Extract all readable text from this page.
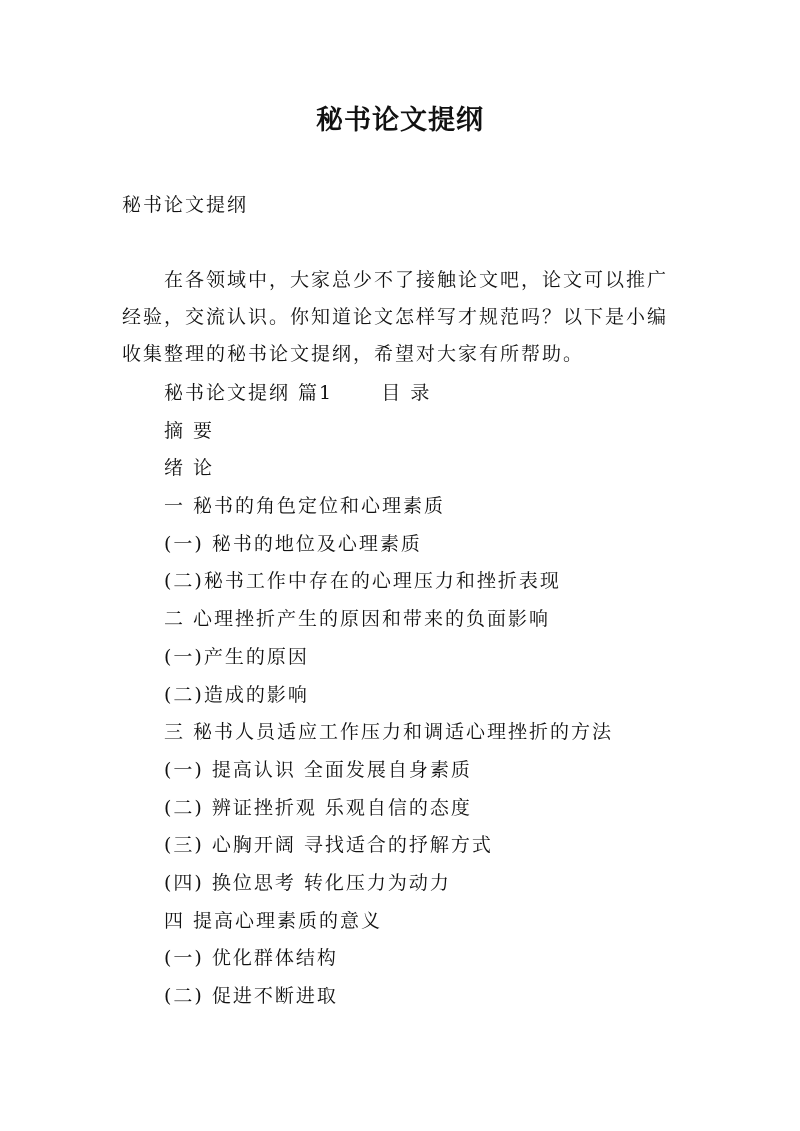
秘书论文提纲
秘书论文提纲
在各领域中，大家总少不了接触论文吧，论文可以推广
经验，交流认识。你知道论文怎样写才规范吗？以下是小编
收集整理的秘书论文提纲，希望对大家有所帮助。
秘书论文提纲 篇1      目 录
摘 要
绪 论
一 秘书的角色定位和心理素质
(一) 秘书的地位及心理素质
(二)秘书工作中存在的心理压力和挫折表现
二 心理挫折产生的原因和带来的负面影响
(一)产生的原因
(二)造成的影响
三 秘书人员适应工作压力和调适心理挫折的方法
(一) 提高认识 全面发展自身素质
(二) 辨证挫折观 乐观自信的态度
(三) 心胸开阔 寻找适合的抒解方式
(四) 换位思考 转化压力为动力
四 提高心理素质的意义
(一) 优化群体结构
(二) 促进不断进取
